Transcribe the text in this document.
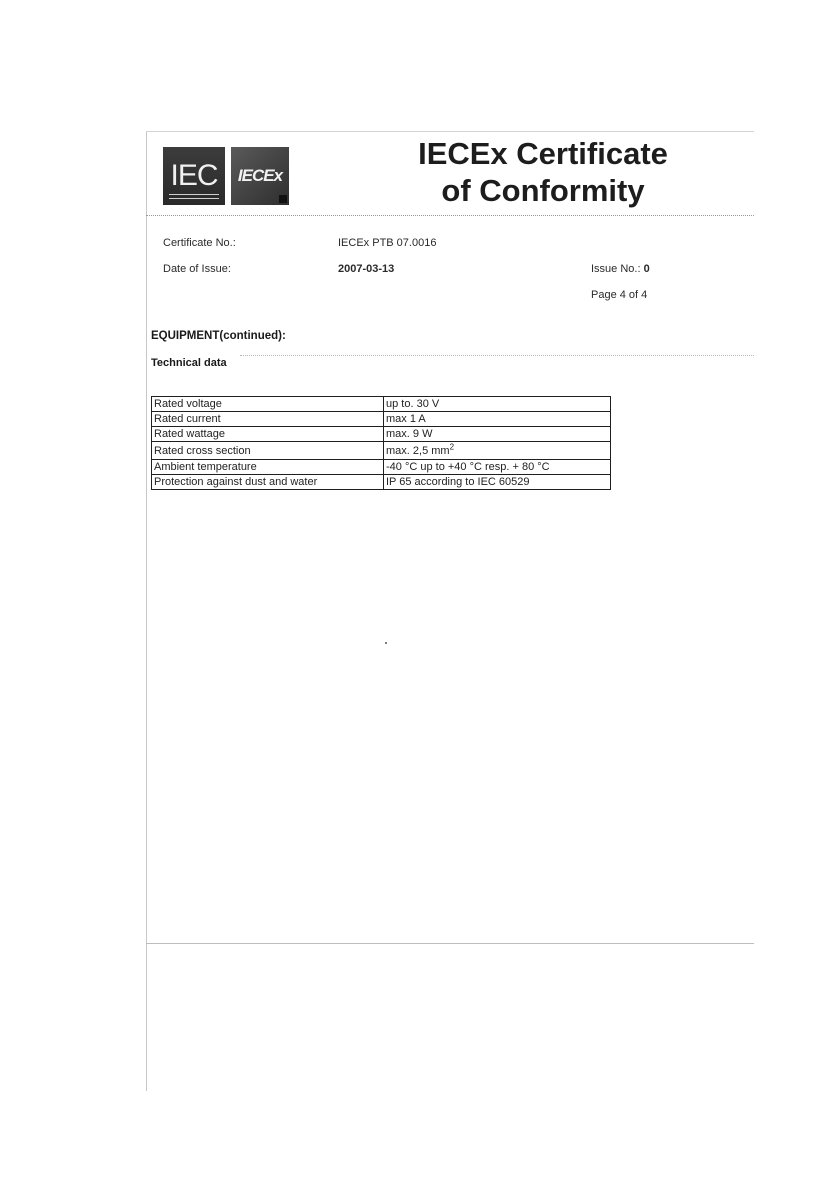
IEC IECEx
IECEx Certificate
of Conformity
Certificate No.:	IECEx PTB 07.0016
Date of Issue:	2007-03-13	Issue No.: 0
Page 4 of 4
EQUIPMENT(continued):
Technical data
Rated voltage	up to. 30 V
Rated current	max 1 A
Rated wattage	max. 9 W
Rated cross section	max. 2,5 $mm^2$
Ambient temperature	-40 °C up to +40 °C resp. + 80 °C
Protection against dust and water	IP 65 according to IEC 60529
